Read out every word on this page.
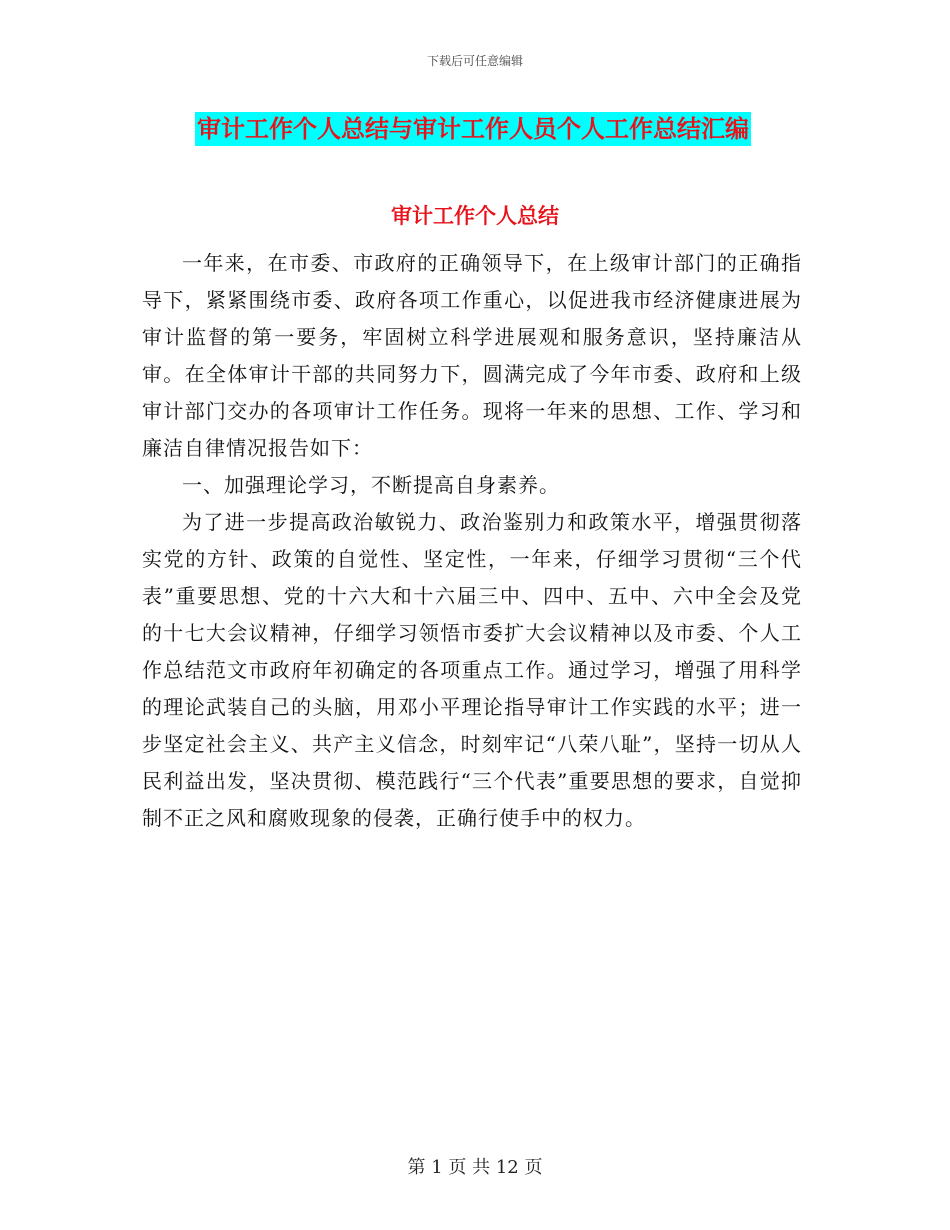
下载后可任意编辑
审计工作个人总结与审计工作人员个人工作总结汇编
审计工作个人总结

一年来，在市委、市政府的正确领导下，在上级审计部门的正确指导下，紧紧围绕市委、政府各项工作重心，以促进我市经济健康进展为审计监督的第一要务，牢固树立科学进展观和服务意识，坚持廉洁从审。在全体审计干部的共同努力下，圆满完成了今年市委、政府和上级审计部门交办的各项审计工作任务。现将一年来的思想、工作、学习和廉洁自律情况报告如下：

一、加强理论学习，不断提高自身素养。

为了进一步提高政治敏锐力、政治鉴别力和政策水平，增强贯彻落实党的方针、政策的自觉性、坚定性，一年来，仔细学习贯彻“三个代表”重要思想、党的十六大和十六届三中、四中、五中、六中全会及党的十七大会议精神，仔细学习领悟市委扩大会议精神以及市委、个人工作总结范文市政府年初确定的各项重点工作。通过学习，增强了用科学的理论武装自己的头脑，用邓小平理论指导审计工作实践的水平；进一步坚定社会主义、共产主义信念，时刻牢记“八荣八耻”，坚持一切从人民利益出发，坚决贯彻、模范践行“三个代表”重要思想的要求，自觉抑制不正之风和腐败现象的侵袭，正确行使手中的权力。

第 1 页 共 12 页
